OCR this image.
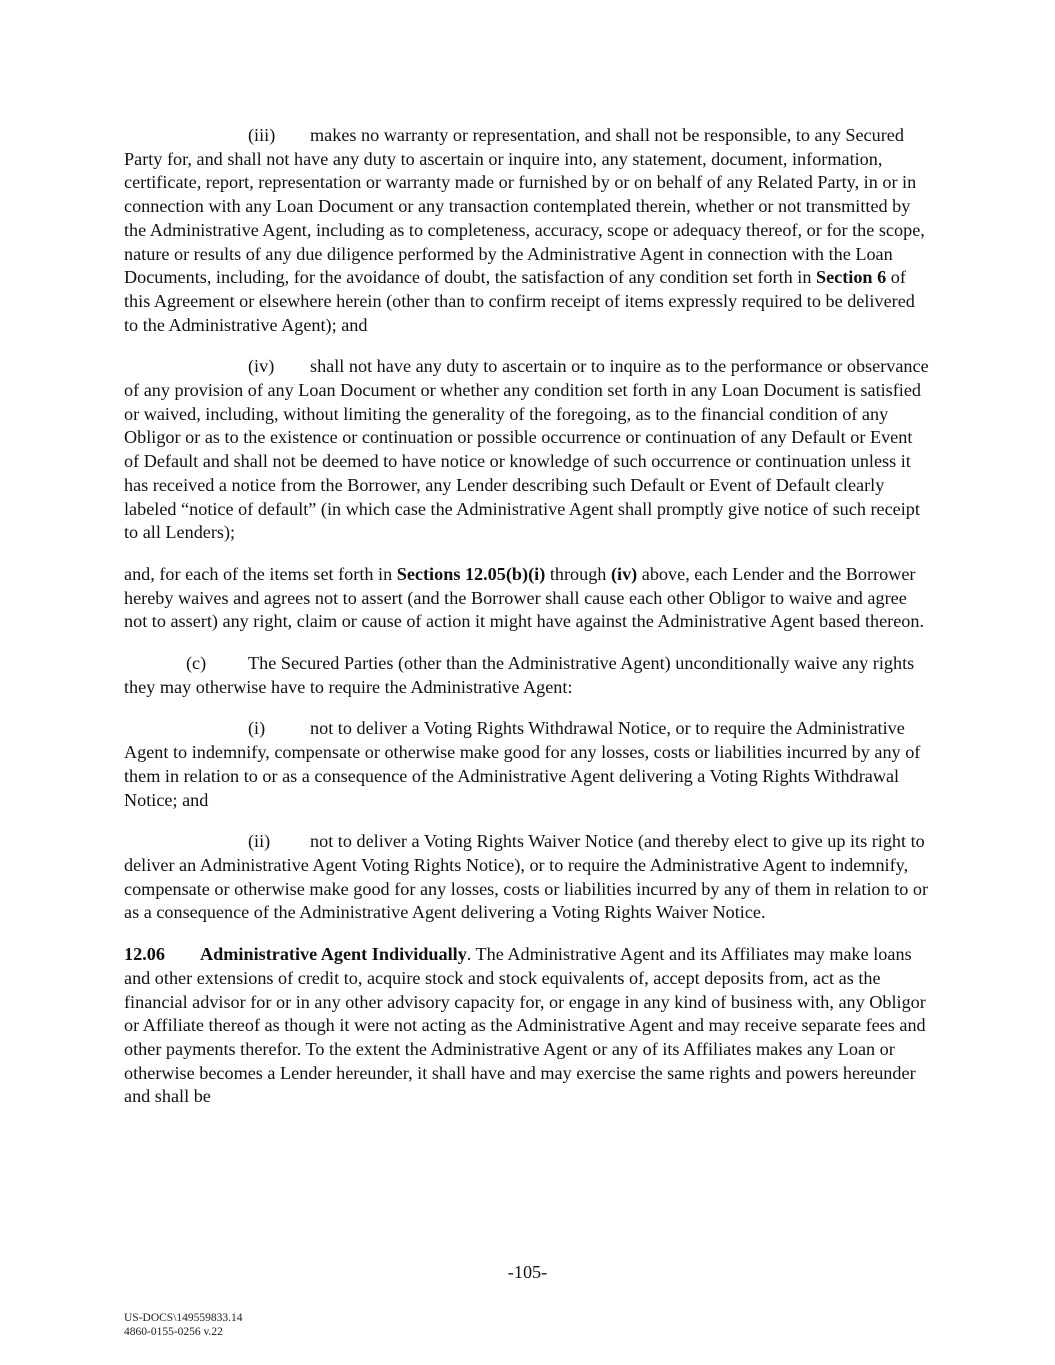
(iii) makes no warranty or representation, and shall not be responsible, to any Secured Party for, and shall not have any duty to ascertain or inquire into, any statement, document, information, certificate, report, representation or warranty made or furnished by or on behalf of any Related Party, in or in connection with any Loan Document or any transaction contemplated therein, whether or not transmitted by the Administrative Agent, including as to completeness, accuracy, scope or adequacy thereof, or for the scope, nature or results of any due diligence performed by the Administrative Agent in connection with the Loan Documents, including, for the avoidance of doubt, the satisfaction of any condition set forth in Section 6 of this Agreement or elsewhere herein (other than to confirm receipt of items expressly required to be delivered to the Administrative Agent); and

(iv) shall not have any duty to ascertain or to inquire as to the performance or observance of any provision of any Loan Document or whether any condition set forth in any Loan Document is satisfied or waived, including, without limiting the generality of the foregoing, as to the financial condition of any Obligor or as to the existence or continuation or possible occurrence or continuation of any Default or Event of Default and shall not be deemed to have notice or knowledge of such occurrence or continuation unless it has received a notice from the Borrower, any Lender describing such Default or Event of Default clearly labeled “notice of default” (in which case the Administrative Agent shall promptly give notice of such receipt to all Lenders);

and, for each of the items set forth in Sections 12.05(b)(i) through (iv) above, each Lender and the Borrower hereby waives and agrees not to assert (and the Borrower shall cause each other Obligor to waive and agree not to assert) any right, claim or cause of action it might have against the Administrative Agent based thereon.

(c) The Secured Parties (other than the Administrative Agent) unconditionally waive any rights they may otherwise have to require the Administrative Agent:

(i) not to deliver a Voting Rights Withdrawal Notice, or to require the Administrative Agent to indemnify, compensate or otherwise make good for any losses, costs or liabilities incurred by any of them in relation to or as a consequence of the Administrative Agent delivering a Voting Rights Withdrawal Notice; and

(ii) not to deliver a Voting Rights Waiver Notice (and thereby elect to give up its right to deliver an Administrative Agent Voting Rights Notice), or to require the Administrative Agent to indemnify, compensate or otherwise make good for any losses, costs or liabilities incurred by any of them in relation to or as a consequence of the Administrative Agent delivering a Voting Rights Waiver Notice.

12.06 Administrative Agent Individually. The Administrative Agent and its Affiliates may make loans and other extensions of credit to, acquire stock and stock equivalents of, accept deposits from, act as the financial advisor for or in any other advisory capacity for, or engage in any kind of business with, any Obligor or Affiliate thereof as though it were not acting as the Administrative Agent and may receive separate fees and other payments therefor. To the extent the Administrative Agent or any of its Affiliates makes any Loan or otherwise becomes a Lender hereunder, it shall have and may exercise the same rights and powers hereunder and shall be

-105-
US-DOCS\149559833.14
4860-0155-0256 v.22
